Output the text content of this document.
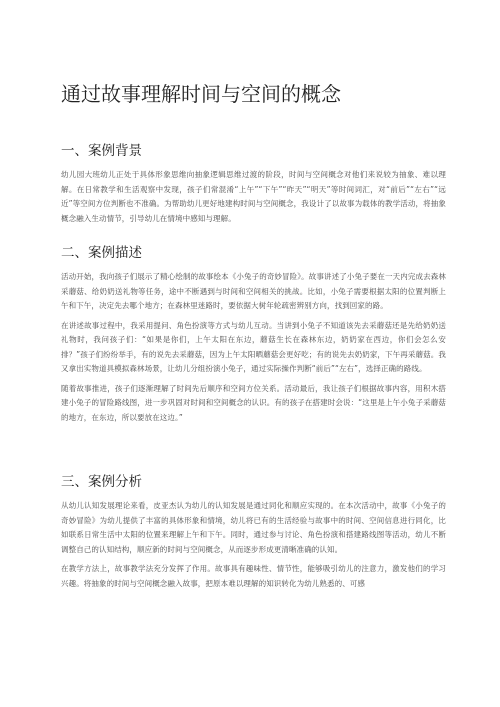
通过故事理解时间与空间的概念
一、案例背景

幼儿园大班幼儿正处于具体形象思维向抽象逻辑思维过渡的阶段，时间与空间概念对他们来说较为抽象、难以理解。在日常教学和生活观察中发现，孩子们常混淆“上午”“下午”“昨天”“明天”等时间词汇，对“前后”“左右”“远近”等空间方位判断也不准确。为帮助幼儿更好地建构时间与空间概念，我设计了以故事为载体的教学活动，将抽象概念融入生动情节，引导幼儿在情境中感知与理解。

二、案例描述

活动开始，我向孩子们展示了精心绘制的故事绘本《小兔子的奇妙冒险》。故事讲述了小兔子要在一天内完成去森林采蘑菇、给奶奶送礼物等任务，途中不断遇到与时间和空间相关的挑战。比如，小兔子需要根据太阳的位置判断上午和下午，决定先去哪个地方；在森林里迷路时，要依据大树年轮疏密辨别方向，找到回家的路。

在讲述故事过程中，我采用提问、角色扮演等方式与幼儿互动。当讲到小兔子不知道该先去采蘑菇还是先给奶奶送礼物时，我问孩子们：“如果是你们，上午太阳在东边，蘑菇生长在森林东边，奶奶家在西边，你们会怎么安排？”孩子们纷纷举手，有的说先去采蘑菇，因为上午太阳晒蘑菇会更好吃；有的说先去奶奶家，下午再采蘑菇。我又拿出实物道具模拟森林场景，让幼儿分组扮演小兔子，通过实际操作判断“前后”“左右”，选择正确的路线。

随着故事推进，孩子们逐渐理解了时间先后顺序和空间方位关系。活动最后，我让孩子们根据故事内容，用积木搭建小兔子的冒险路线图，进一步巩固对时间和空间概念的认识。有的孩子在搭建时会说：“这里是上午小兔子采蘑菇的地方，在东边，所以要放在这边。”

三、案例分析

从幼儿认知发展理论来看，皮亚杰认为幼儿的认知发展是通过同化和顺应实现的。在本次活动中，故事《小兔子的奇妙冒险》为幼儿提供了丰富的具体形象和情境，幼儿将已有的生活经验与故事中的时间、空间信息进行同化，比如联系日常生活中太阳的位置来理解上午和下午。同时，通过参与讨论、角色扮演和搭建路线图等活动，幼儿不断调整自己的认知结构，顺应新的时间与空间概念，从而逐步形成更清晰准确的认知。

在教学方法上，故事教学法充分发挥了作用。故事具有趣味性、情节性，能够吸引幼儿的注意力，激发他们的学习兴趣。将抽象的时间与空间概念融入故事，把原本难以理解的知识转化为幼儿熟悉的、可感
